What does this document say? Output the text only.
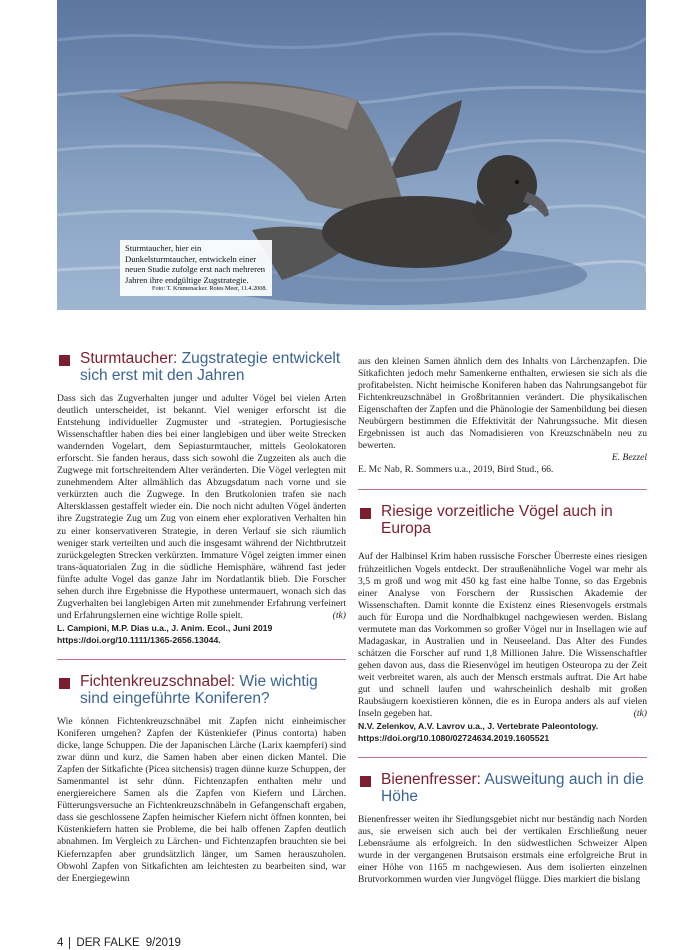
Sturmtaucher, hier ein Dunkelsturmtaucher, entwickeln einer neuen Studie zufolge erst nach mehreren Jahren ihre endgültige Zugstrategie.
Foto: T. Krumenacker. Rotes Meer, 11.4.2008.
Sturmtaucher: Zugstrategie entwickelt sich erst mit den Jahren

Dass sich das Zugverhalten junger und adulter Vögel bei vielen Arten deutlich unterscheidet, ist bekannt. Viel weniger erforscht ist die Entstehung individueller Zugmuster und -strategien. Portugiesische Wissenschaftler haben dies bei einer langlebigen und über weite Strecken wandernden Vogelart, dem Sepiasturmtaucher, mittels Geolokatoren erforscht. Sie fanden heraus, dass sich sowohl die Zugzeiten als auch die Zugwege mit fortschreitendem Alter veränderten. Die Vögel verlegten mit zunehmendem Alter allmählich das Abzugsdatum nach vorne und sie verkürzten auch die Zugwege. In den Brutkolonien trafen sie nach Altersklassen gestaffelt wieder ein. Die noch nicht adulten Vögel änderten ihre Zugstrategie Zug um Zug von einem eher explorativen Verhalten hin zu einer konservativeren Strategie, in deren Verlauf sie sich räumlich weniger stark verteilten und auch die insgesamt während der Nichtbrutzeit zurückgelegten Strecken verkürzten. Immature Vögel zeigten immer einen trans-äquatorialen Zug in die südliche Hemisphäre, während fast jeder fünfte adulte Vogel das ganze Jahr im Nordatlantik blieb. Die Forscher sehen durch ihre Ergebnisse die Hypothese untermauert, wonach sich das Zugverhalten bei langlebigen Arten mit zunehmender Erfahrung verfeinert und Erfahrungslernen eine wichtige Rolle spielt.	(tk)

L. Campioni, M.P. Dias u.a., J. Anim. Ecol., Juni 2019

https://doi.org/10.1111/1365-2656.13044.

Fichtenkreuzschnabel: Wie wichtig sind eingeführte Koniferen?

Wie können Fichtenkreuzschnäbel mit Zapfen nicht einheimischer Koniferen umgehen? Zapfen der Küstenkiefer (Pinus contorta) haben dicke, lange Schuppen. Die der Japanischen Lärche (Larix kaempferi) sind zwar dünn und kurz, die Samen haben aber einen dicken Mantel. Die Zapfen der Sitkafichte (Picea sitchensis) tragen dünne kurze Schuppen, der Samenmantel ist sehr dünn. Fichtenzapfen enthalten mehr und energiereichere Samen als die Zapfen von Kiefern und Lärchen. Fütterungsversuche an Fichtenkreuzschnäbeln in Gefangenschaft ergaben, dass sie geschlossene Zapfen heimischer Kiefern nicht öffnen konnten, bei Küstenkiefern hatten sie Probleme, die bei halb offenen Zapfen deutlich abnahmen. Im Vergleich zu Lärchen- und Fichtenzapfen brauchten sie bei Kiefernzapfen aber grundsätzlich länger, um Samen herauszuholen. Obwohl Zapfen von Sitkafichten am leichtesten zu bearbeiten sind, war der Energiegewinn

aus den kleinen Samen ähnlich dem des Inhalts von Lärchenzapfen. Die Sitkafichten jedoch mehr Samenkerne enthalten, erwiesen sie sich als die profitabelsten. Nicht heimische Koniferen haben das Nahrungsangebot für Fichtenkreuzschnäbel in Großbritannien verändert. Die physikalischen Eigenschaften der Zapfen und die Phänologie der Samenbildung bei diesen Neubürgern bestimmen die Effektivität der Nahrungssuche. Mit diesen Ergebnissen ist auch das Nomadisieren von Kreuzschnäbeln neu zu bewerten.

E. Bezzel

E. Mc Nab, R. Sommers u.a., 2019, Bird Stud., 66.

Riesige vorzeitliche Vögel auch in Europa

Auf der Halbinsel Krim haben russische Forscher Überreste eines riesigen frühzeitlichen Vogels entdeckt. Der straußenähnliche Vogel war mehr als 3,5 m groß und wog mit 450 kg fast eine halbe Tonne, so das Ergebnis einer Analyse von Forschern der Russischen Akademie der Wissenschaften. Damit konnte die Existenz eines Riesenvogels erstmals auch für Europa und die Nordhalbkugel nachgewiesen werden. Bislang vermutete man das Vorkommen so großer Vögel nur in Insellagen wie auf Madagaskar, in Australien und in Neuseeland. Das Alter des Fundes schätzen die Forscher auf rund 1,8 Millionen Jahre. Die Wissenschaftler gehen davon aus, dass die Riesenvögel im heutigen Osteuropa zu der Zeit weit verbreitet waren, als auch der Mensch erstmals auftrat. Die Art habe gut und schnell laufen und wahrscheinlich deshalb mit großen Raubsäugern koexistieren können, die es in Europa anders als auf vielen Inseln gegeben hat.	(tk)

N.V. Zelenkov, A.V. Lavrov u.a., J. Vertebrate Paleontology.

https://doi.org/10.1080/02724634.2019.1605521

Bienenfresser: Ausweitung auch in die Höhe

Bienenfresser weiten ihr Siedlungsgebiet nicht nur beständig nach Norden aus, sie erweisen sich auch bei der vertikalen Erschließung neuer Lebensräume als erfolgreich. In den südwestlichen Schweizer Alpen wurde in der vergangenen Brutsaison erstmals eine erfolgreiche Brut in einer Höhe von 1165 m nachgewiesen. Aus dem isolierten einzelnen Brutvorkommen wurden vier Jungvögel flügge. Dies markiert die bislang

4 DER FALKE 9/2019
